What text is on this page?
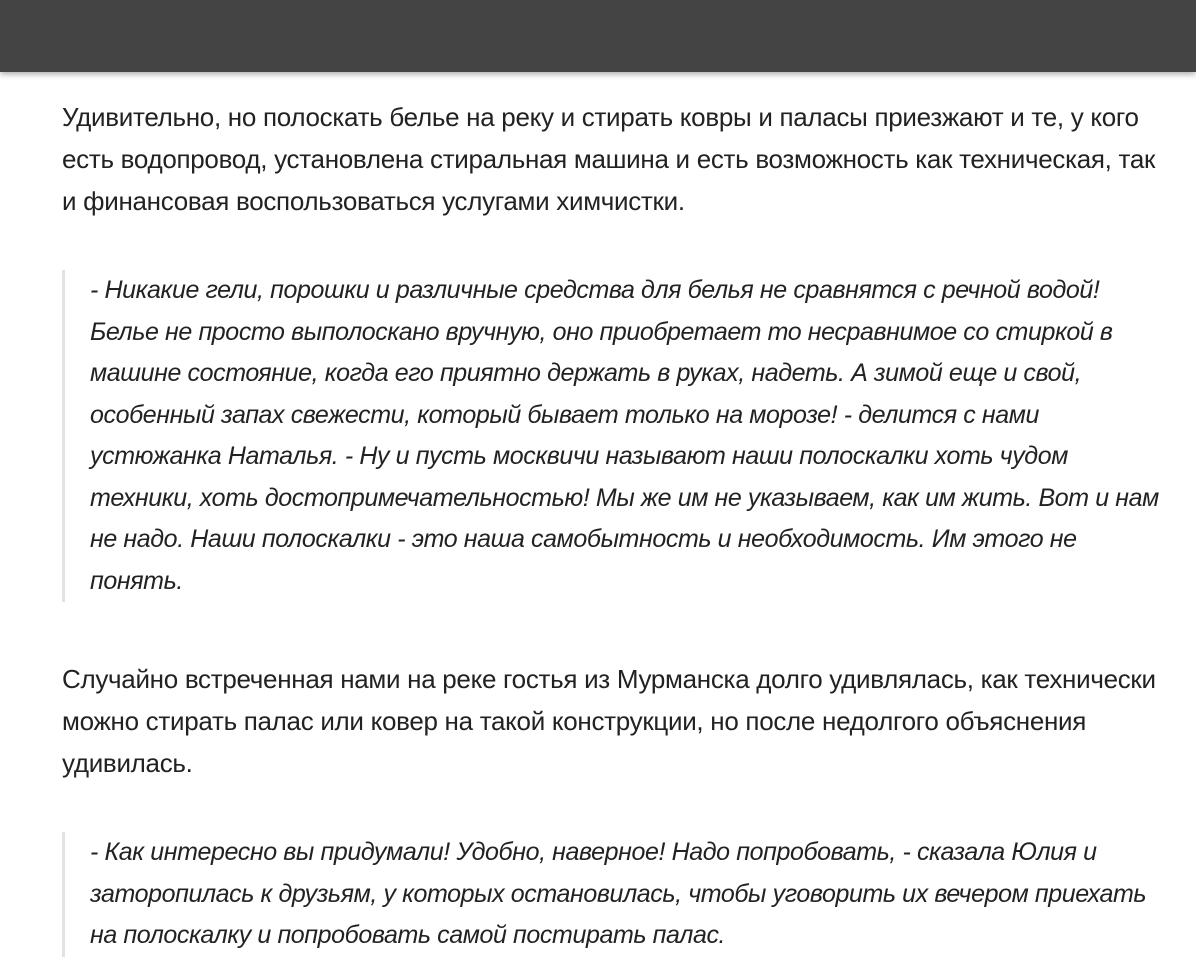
Удивительно, но полоскать белье на реку и стирать ковры и паласы приезжают и те, у кого есть водопровод, установлена стиральная машина и есть возможность как техническая, так и финансовая воспользоваться услугами химчистки.

- Никакие гели, порошки и различные средства для белья не сравнятся с речной водой! Белье не просто выполоскано вручную, оно приобретает то несравнимое со стиркой в машине состояние, когда его приятно держать в руках, надеть. А зимой еще и свой, особенный запах свежести, который бывает только на морозе! - делится с нами устюжанка Наталья. - Ну и пусть москвичи называют наши полоскалки хоть чудом техники, хоть достопримечательностью! Мы же им не указываем, как им жить. Вот и нам не надо. Наши полоскалки - это наша самобытность и необходимость. Им этого не понять.

Случайно встреченная нами на реке гостья из Мурманска долго удивлялась, как технически можно стирать палас или ковер на такой конструкции, но после недолгого объяснения удивилась.

- Как интересно вы придумали! Удобно, наверное! Надо попробовать, - сказала Юлия и заторопилась к друзьям, у которых остановилась, чтобы уговорить их вечером приехать на полоскалку и попробовать самой постирать палас.
